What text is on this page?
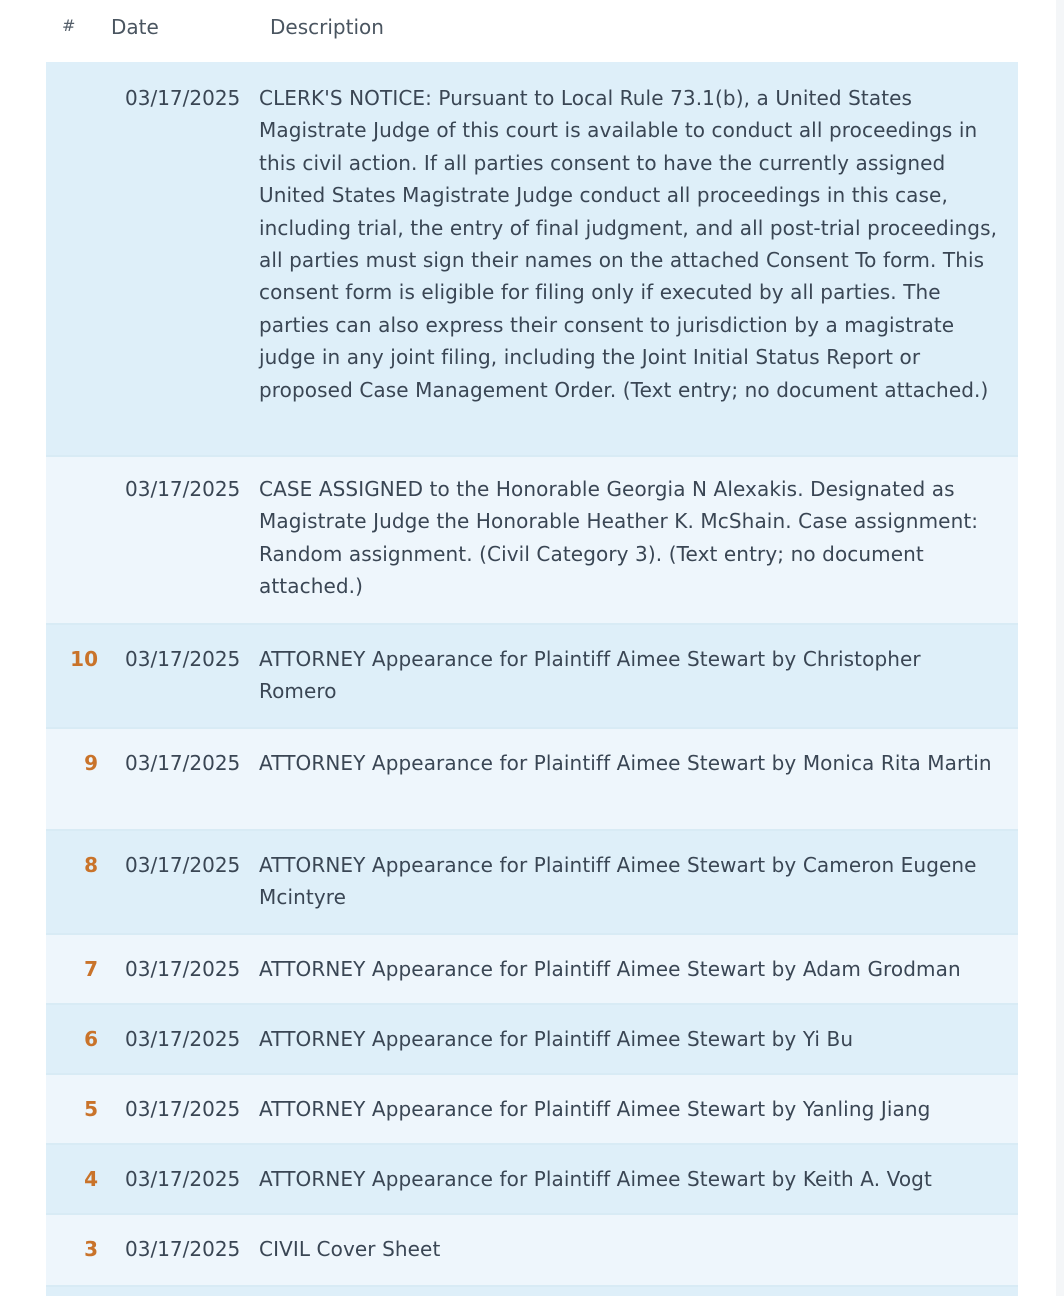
# Date	Description
03/17/2025 CLERK'S NOTICE: Pursuant to Local Rule 73.1(b), a United States Magistrate Judge of this court is available to conduct all proceedings in this civil action. If all parties consent to have the currently assigned United States Magistrate Judge conduct all proceedings in this case, including trial, the entry of final judgment, and all post-trial proceedings, all parties must sign their names on the attached Consent To form. This consent form is eligible for filing only if executed by all parties. The parties can also express their consent to jurisdiction by a magistrate judge in any joint filing, including the Joint Initial Status Report or proposed Case Management Order. (Text entry; no document attached.)
03/17/2025 CASE ASSIGNED to the Honorable Georgia N Alexakis. Designated as Magistrate Judge the Honorable Heather K. McShain. Case assignment: Random assignment. (Civil Category 3). (Text entry; no document attached.)
10 03/17/2025 ATTORNEY Appearance for Plaintiff Aimee Stewart by Christopher Romero
9 03/17/2025 ATTORNEY Appearance for Plaintiff Aimee Stewart by Monica Rita Martin
8 03/17/2025 ATTORNEY Appearance for Plaintiff Aimee Stewart by Cameron Eugene Mcintyre
7 03/17/2025 ATTORNEY Appearance for Plaintiff Aimee Stewart by Adam Grodman
6 03/17/2025 ATTORNEY Appearance for Plaintiff Aimee Stewart by Yi Bu
5 03/17/2025 ATTORNEY Appearance for Plaintiff Aimee Stewart by Yanling Jiang
4 03/17/2025 ATTORNEY Appearance for Plaintiff Aimee Stewart by Keith A. Vogt
3 03/17/2025 CIVIL Cover Sheet
